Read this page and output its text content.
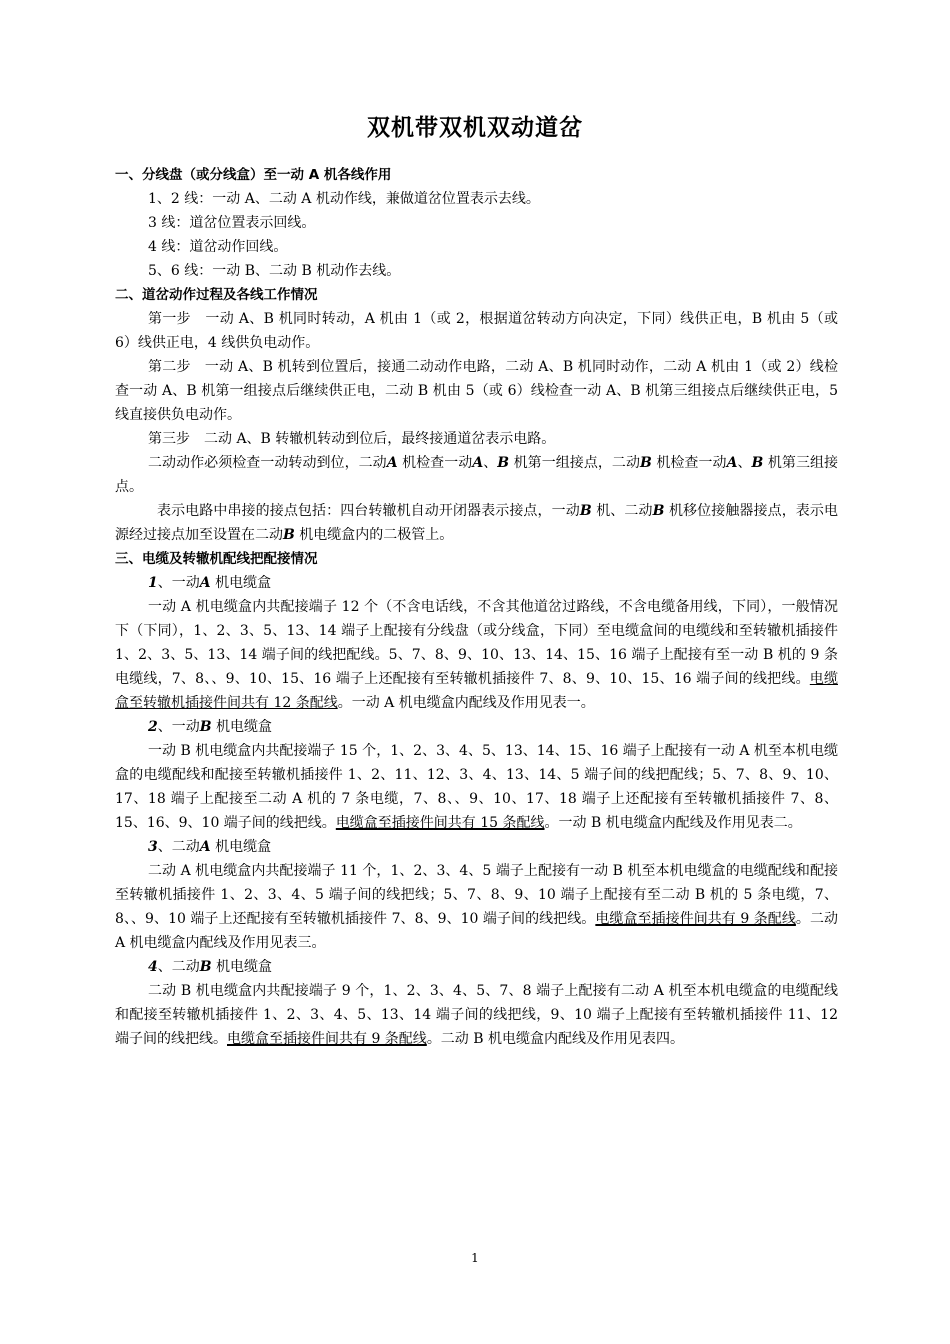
双机带双机双动道岔

一、分线盘（或分线盒）至一动 A 机各线作用

1、2 线：一动 A、二动 A 机动作线，兼做道岔位置表示去线。

3 线：道岔位置表示回线。

4 线：道岔动作回线。

5、6 线：一动 B、二动 B 机动作去线。

二、道岔动作过程及各线工作情况

第一步　一动 A、B 机同时转动，A 机由 1（或 2，根据道岔转动方向决定，下同）线供正电，B 机由 5（或 6）线供正电，4 线供负电动作。

第二步　一动 A、B 机转到位置后，接通二动动作电路，二动 A、B 机同时动作，二动 A 机由 1（或 2）线检查一动 A、B 机第一组接点后继续供正电，二动 B 机由 5（或 6）线检查一动 A、B 机第三组接点后继续供正电，5 线直接供负电动作。

第三步　二动 A、B 转辙机转动到位后，最终接通道岔表示电路。

二动动作必须检查一动转动到位，二动A 机检查一动A、B 机第一组接点，二动B 机检查一动A、B 机第三组接点。

表示电路中串接的接点包括：四台转辙机自动开闭器表示接点，一动B 机、二动B 机移位接触器接点，表示电源经过接点加至设置在二动B 机电缆盒内的二极管上。

三、电缆及转辙机配线把配接情况

1、一动A 机电缆盒

一动 A 机电缆盒内共配接端子 12 个（不含电话线，不含其他道岔过路线，不含电缆备用线，下同），一般情况下（下同），1、2、3、5、13、14 端子上配接有分线盘（或分线盒，下同）至电缆盒间的电缆线和至转辙机插接件 1、2、3、5、13、14 端子间的线把配线。5、7、8、9、10、13、14、15、16 端子上配接有至一动 B 机的 9 条电缆线，7、8、、9、10、15、16 端子上还配接有至转辙机插接件 7、8、9、10、15、16 端子间的线把线。电缆盒至转辙机插接件间共有 12 条配线。一动 A 机电缆盒内配线及作用见表一。

2、一动B 机电缆盒

一动 B 机电缆盒内共配接端子 15 个，1、2、3、4、5、13、14、15、16 端子上配接有一动 A 机至本机电缆盒的电缆配线和配接至转辙机插接件 1、2、11、12、3、4、13、14、5 端子间的线把配线；5、7、8、9、10、17、18 端子上配接至二动 A 机的 7 条电缆，7、8、、9、10、17、18 端子上还配接有至转辙机插接件 7、8、15、16、9、10 端子间的线把线。电缆盒至插接件间共有 15 条配线。一动 B 机电缆盒内配线及作用见表二。

3、二动A 机电缆盒

二动 A 机电缆盒内共配接端子 11 个，1、2、3、4、5 端子上配接有一动 B 机至本机电缆盒的电缆配线和配接至转辙机插接件 1、2、3、4、5 端子间的线把线；5、7、8、9、10 端子上配接有至二动 B 机的 5 条电缆，7、8、、9、10 端子上还配接有至转辙机插接件 7、8、9、10 端子间的线把线。电缆盒至插接件间共有 9 条配线。二动 A 机电缆盒内配线及作用见表三。

4、二动B 机电缆盒

二动 B 机电缆盒内共配接端子 9 个，1、2、3、4、5、7、8 端子上配接有二动 A 机至本机电缆盒的电缆配线和配接至转辙机插接件 1、2、3、4、5、13、14 端子间的线把线，9、10 端子上配接有至转辙机插接件 11、12 端子间的线把线。电缆盒至插接件间共有 9 条配线。二动 B 机电缆盒内配线及作用见表四。

1
